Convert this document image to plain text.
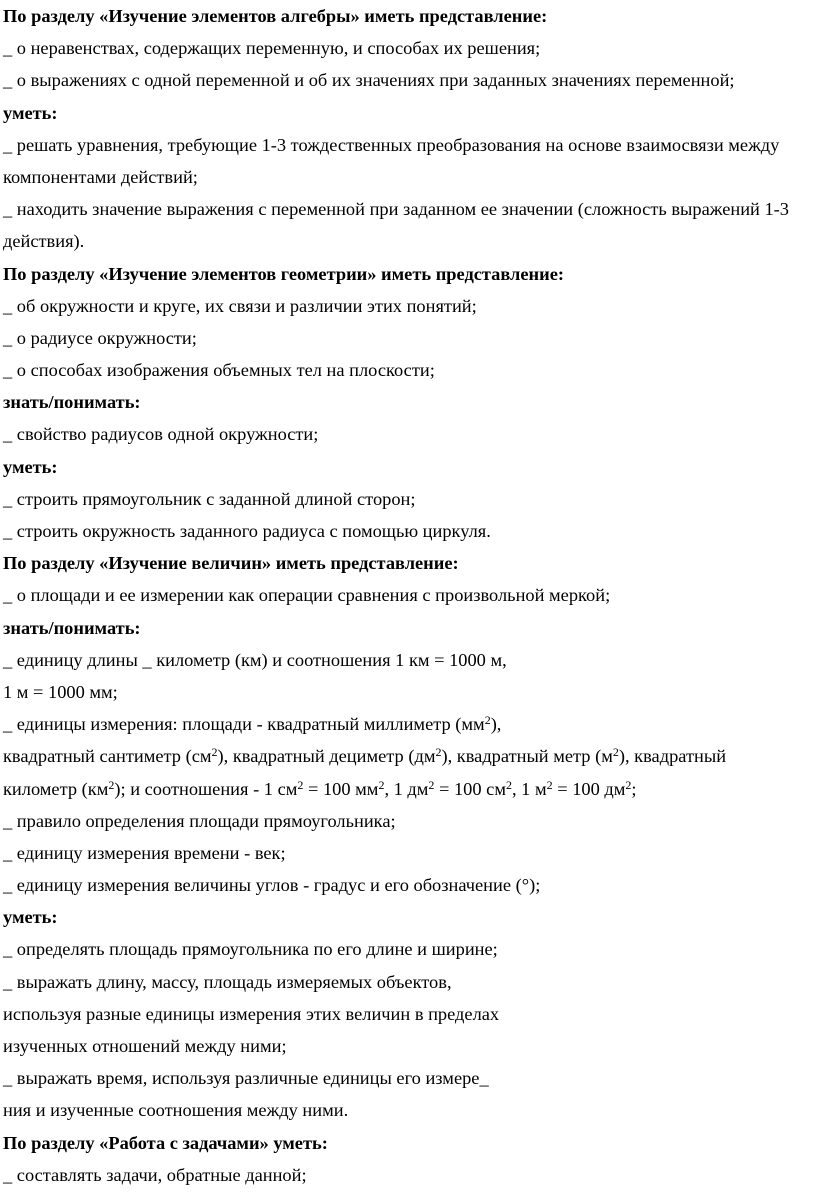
По разделу «Изучение элементов алгебры» иметь представление:
_ о неравенствах, содержащих переменную, и способах их решения;
_ о выражениях с одной переменной и об их значениях при заданных значениях переменной;
уметь:
_ решать уравнения, требующие 1-3 тождественных преобразования на основе взаимосвязи между
компонентами действий;
_ находить значение выражения с переменной при заданном ее значении (сложность выражений 1-3
действия).
По разделу «Изучение элементов геометрии» иметь представление:
_ об окружности и круге, их связи и различии этих понятий;
_ о радиусе окружности;
_ о способах изображения объемных тел на плоскости;
знать/понимать:
_ свойство радиусов одной окружности;
уметь:
_ строить прямоугольник с заданной длиной сторон;
_ строить окружность заданного радиуса с помощью циркуля.
По разделу «Изучение величин» иметь представление:
_ о площади и ее измерении как операции сравнения с произвольной меркой;
знать/понимать:
_ единицу длины _ километр (км) и соотношения 1 км = 1000 м,
1 м = 1000 мм;
_ единицы измерения: площади - квадратный миллиметр $(мм^2)$,
квадратный сантиметр $(см^2)$, квадратный дециметр $(дм^2)$, квадратный метр $(м^2)$, квадратный
километр $(км^2)$; и соотношения - 1 $см^2 = 100$ $мм^2$, 1 $дм^2 = 100$ $см^2$, 1 $м^2 = 100$ $дм^2$;
_ правило определения площади прямоугольника;
_ единицу измерения времени - век;
_ единицу измерения величины углов - градус и его обозначение (°);
уметь:
_ определять площадь прямоугольника по его длине и ширине;
_ выражать длину, массу, площадь измеряемых объектов,
используя разные единицы измерения этих величин в пределах
изученных отношений между ними;
_ выражать время, используя различные единицы его измере_
ния и изученные соотношения между ними.
По разделу «Работа с задачами» уметь:
_ составлять задачи, обратные данной;
